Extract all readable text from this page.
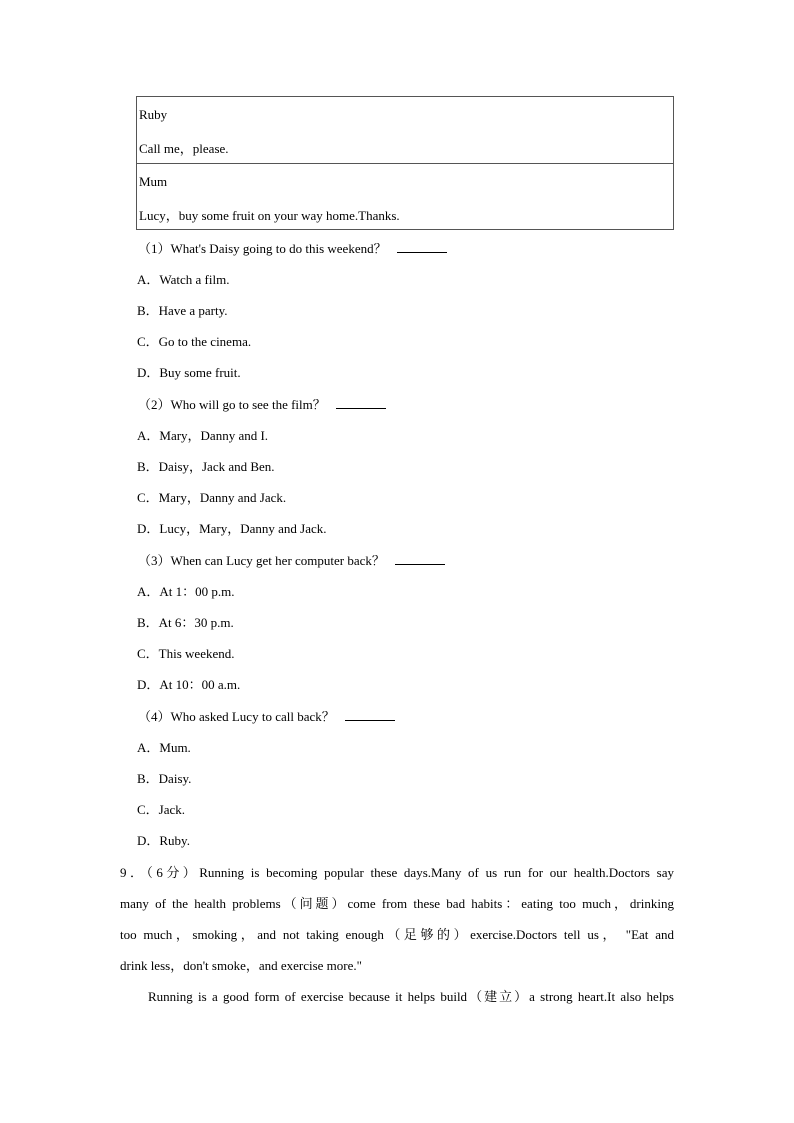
Ruby
Call me，please.
Mum
Lucy，buy some fruit on your way home.Thanks.
（1）What's Daisy going to do this weekend？
A．Watch a film.
B．Have a party.
C．Go to the cinema.
D．Buy some fruit.
（2）Who will go to see the film？
A．Mary，Danny and I.
B．Daisy，Jack and Ben.
C．Mary，Danny and Jack.
D．Lucy，Mary，Danny and Jack.
（3）When can Lucy get her computer back？
A．At 1：00 p.m.
B．At 6：30 p.m.
C．This weekend.
D．At 10：00 a.m.
（4）Who asked Lucy to call back？
A．Mum.
B．Daisy.
C．Jack.
D．Ruby.
9．（6分）Running is becoming popular these days.Many of us run for our health.Doctors say
many of the health problems（问题）come from these bad habits：eating too much，drinking
too much，smoking，and not taking enough（足够的）exercise.Doctors tell us， "Eat and
drink less，don't smoke，and exercise more."
Running is a good form of exercise because it helps build（建立）a strong heart.It also helps
